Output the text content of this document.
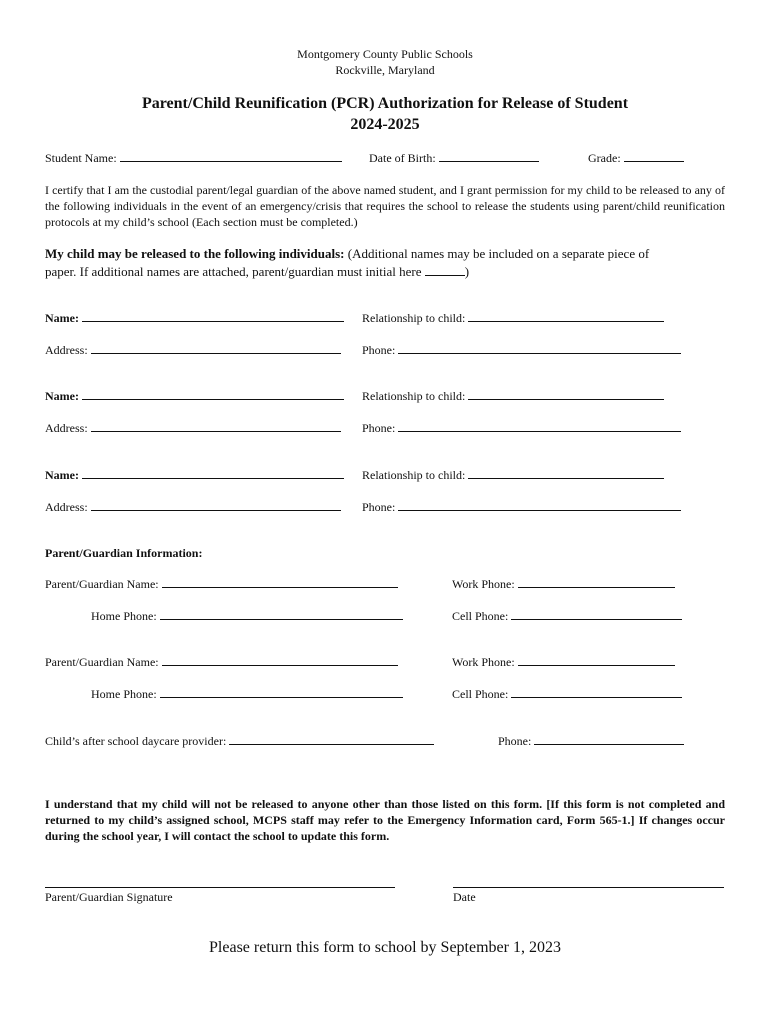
Montgomery County Public Schools
Rockville, Maryland
Parent/Child Reunification (PCR) Authorization for Release of Student
2024-2025
Student Name:	Date of Birth:	Grade:
I certify that I am the custodial parent/legal guardian of the above named student, and I grant permission for my child to be released to any of the following individuals in the event of an emergency/crisis that requires the school to release the students using parent/child reunification protocols at my child’s school (Each section must be completed.)
My child may be released to the following individuals: (Additional names may be included on a separate piece of
paper. If additional names are attached, parent/guardian must initial here	)
Name:	Relationship to child:
Address:	Phone:
Name:	Relationship to child:
Address:	Phone:
Name:	Relationship to child:
Address:	Phone:
Parent/Guardian Information:
Parent/Guardian Name:	Work Phone:
Home Phone:	Cell Phone:
Parent/Guardian Name:	Work Phone:
Home Phone:	Cell Phone:
Child’s after school daycare provider:	Phone:
I understand that my child will not be released to anyone other than those listed on this form. [If this form is not completed and returned to my child’s assigned school, MCPS staff may refer to the Emergency Information card, Form 565-1.] If changes occur during the school year, I will contact the school to update this form.
Parent/Guardian Signature	Date
Please return this form to school by September 1, 2023
